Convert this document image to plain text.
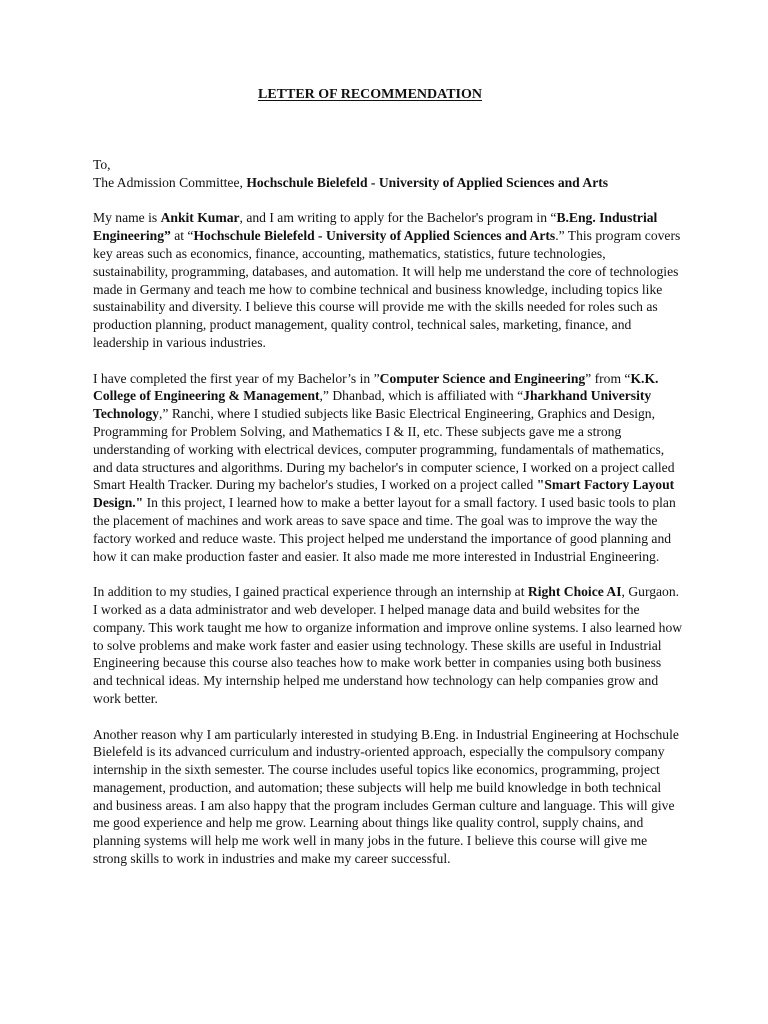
LETTER OF RECOMMENDATION

To,

The Admission Committee, Hochschule Bielefeld - University of Applied Sciences and Arts

My name is Ankit Kumar, and I am writing to apply for the Bachelor's program in “B.Eng. Industrial Engineering” at “Hochschule Bielefeld - University of Applied Sciences and Arts.” This program covers key areas such as economics, finance, accounting, mathematics, statistics, future technologies, sustainability, programming, databases, and automation. It will help me understand the core of technologies made in Germany and teach me how to combine technical and business knowledge, including topics like sustainability and diversity. I believe this course will provide me with the skills needed for roles such as production planning, product management, quality control, technical sales, marketing, finance, and leadership in various industries.

I have completed the first year of my Bachelor’s in ”Computer Science and Engineering” from “K.K. College of Engineering & Management,” Dhanbad, which is affiliated with “Jharkhand University Technology,” Ranchi, where I studied subjects like Basic Electrical Engineering, Graphics and Design, Programming for Problem Solving, and Mathematics I & II, etc. These subjects gave me a strong understanding of working with electrical devices, computer programming, fundamentals of mathematics, and data structures and algorithms. During my bachelor's in computer science, I worked on a project called Smart Health Tracker. During my bachelor's studies, I worked on a project called "Smart Factory Layout Design." In this project, I learned how to make a better layout for a small factory. I used basic tools to plan the placement of machines and work areas to save space and time. The goal was to improve the way the factory worked and reduce waste. This project helped me understand the importance of good planning and how it can make production faster and easier. It also made me more interested in Industrial Engineering.

In addition to my studies, I gained practical experience through an internship at Right Choice AI, Gurgaon. I worked as a data administrator and web developer. I helped manage data and build websites for the company. This work taught me how to organize information and improve online systems. I also learned how to solve problems and make work faster and easier using technology. These skills are useful in Industrial Engineering because this course also teaches how to make work better in companies using both business and technical ideas. My internship helped me understand how technology can help companies grow and work better.

Another reason why I am particularly interested in studying B.Eng. in Industrial Engineering at Hochschule Bielefeld is its advanced curriculum and industry-oriented approach, especially the compulsory company internship in the sixth semester. The course includes useful topics like economics, programming, project management, production, and automation; these subjects will help me build knowledge in both technical and business areas. I am also happy that the program includes German culture and language. This will give me good experience and help me grow. Learning about things like quality control, supply chains, and planning systems will help me work well in many jobs in the future. I believe this course will give me strong skills to work in industries and make my career successful.
